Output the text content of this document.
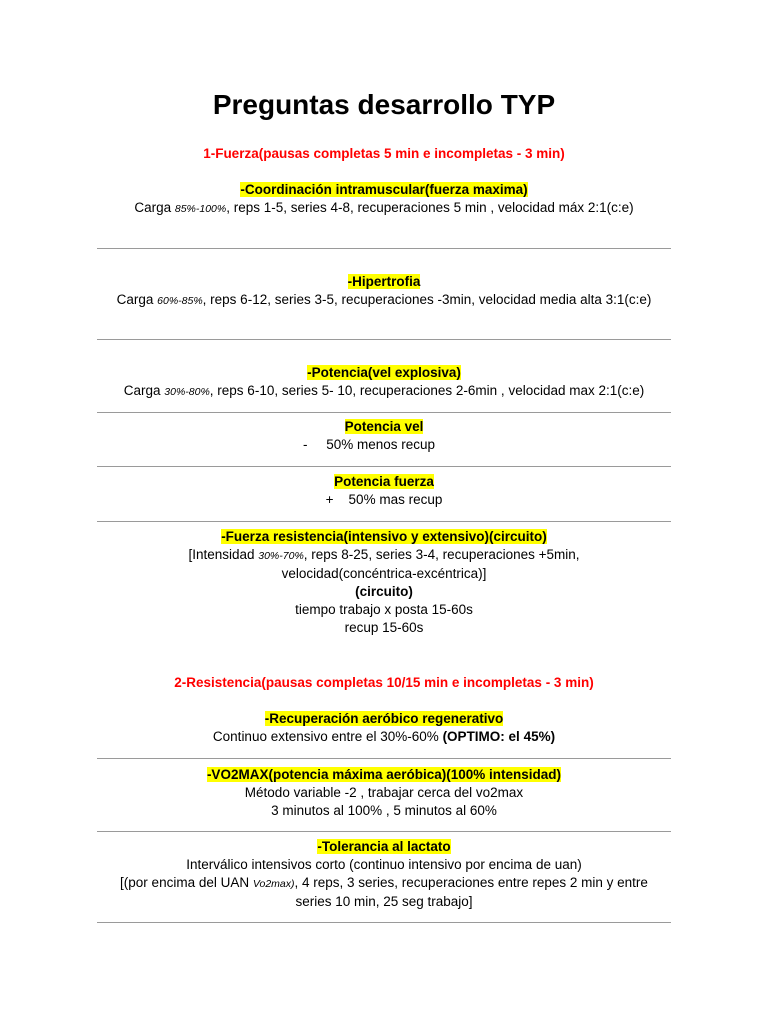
Preguntas desarrollo TYP
1-Fuerza(pausas completas 5 min e incompletas - 3 min)
-Coordinación intramuscular(fuerza maxima)
Carga 85%-100%, reps 1-5, series 4-8, recuperaciones 5 min , velocidad máx 2:1(c:e)
-Hipertrofia
Carga 60%-85%, reps 6-12, series 3-5, recuperaciones -3min, velocidad media alta 3:1(c:e)
-Potencia(vel explosiva)
Carga 30%-80%, reps 6-10, series 5- 10, recuperaciones 2-6min , velocidad max 2:1(c:e)
Potencia vel
- 50% menos recup
Potencia fuerza
+ 50% mas recup
-Fuerza resistencia(intensivo y extensivo)(circuito)
[Intensidad 30%-70%, reps 8-25, series 3-4, recuperaciones +5min,
velocidad(concéntrica-excéntrica)]
(circuito)
tiempo trabajo x posta 15-60s
recup 15-60s
2-Resistencia(pausas completas 10/15 min e incompletas - 3 min)
-Recuperación aeróbico regenerativo
Continuo extensivo entre el 30%-60% (OPTIMO: el 45%)
-VO2MAX(potencia máxima aeróbica)(100% intensidad)
Método variable -2 , trabajar cerca del vo2max
3 minutos al 100% , 5 minutos al 60%
-Tolerancia al lactato
Interválico intensivos corto (continuo intensivo por encima de uan)
[(por encima del UAN Vo2max), 4 reps, 3 series, recuperaciones entre repes 2 min y entre
series 10 min, 25 seg trabajo]
